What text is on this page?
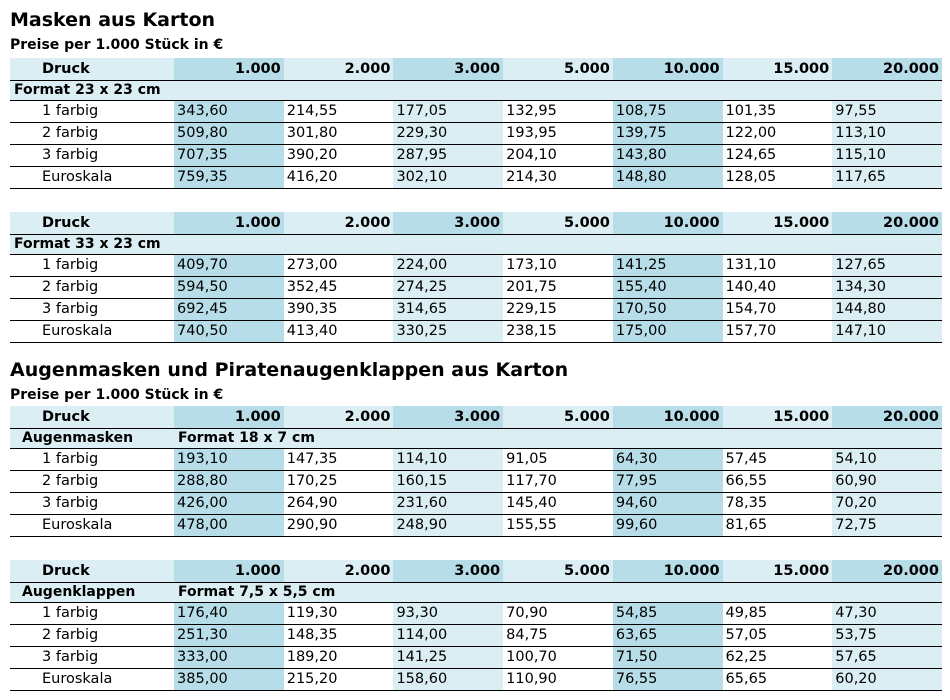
Masken aus Karton
Preise per 1.000 Stück in €
Augenmasken und Piratenaugenklappen aus Karton
Preise per 1.000 Stück in €
Format 23 x 23 cm							
Druck	1.000	2.000	3.000	5.000	10.000	15.000	20.000
1 farbig	343,60	214,55	177,05	132,95	108,75	101,35	97,55
2 farbig	509,80	301,80	229,30	193,95	139,75	122,00	113,10
3 farbig	707,35	390,20	287,95	204,10	143,80	124,65	115,10
Euroskala	759,35	416,20	302,10	214,30	148,80	128,05	117,65
Format 33 x 23 cm							
Druck	1.000	2.000	3.000	5.000	10.000	15.000	20.000
1 farbig	409,70	273,00	224,00	173,10	141,25	131,10	127,65
2 farbig	594,50	352,45	274,25	201,75	155,40	140,40	134,30
3 farbig	692,45	390,35	314,65	229,15	170,50	154,70	144,80
Euroskala	740,50	413,40	330,25	238,15	175,00	157,70	147,10
Augenmasken	Format 18 x 7 cm						
Druck	1.000	2.000	3.000	5.000	10.000	15.000	20.000
1 farbig	193,10	147,35	114,10	91,05	64,30	57,45	54,10
2 farbig	288,80	170,25	160,15	117,70	77,95	66,55	60,90
3 farbig	426,00	264,90	231,60	145,40	94,60	78,35	70,20
Euroskala	478,00	290,90	248,90	155,55	99,60	81,65	72,75
Augenklappen	Format 7,5 x 5,5 cm						
Druck	1.000	2.000	3.000	5.000	10.000	15.000	20.000
1 farbig	176,40	119,30	93,30	70,90	54,85	49,85	47,30
2 farbig	251,30	148,35	114,00	84,75	63,65	57,05	53,75
3 farbig	333,00	189,20	141,25	100,70	71,50	62,25	57,65
Euroskala	385,00	215,20	158,60	110,90	76,55	65,65	60,20
